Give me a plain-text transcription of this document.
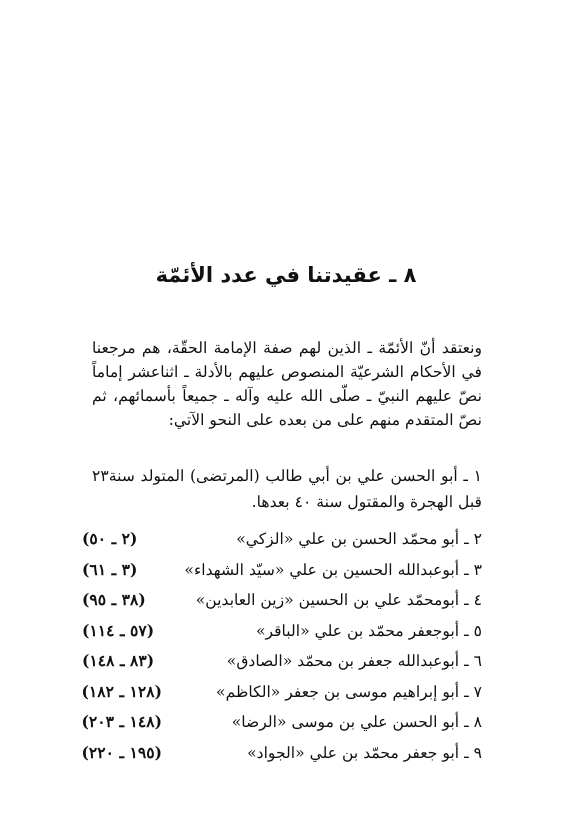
٨ ـ عقيدتنا في عدد الأئمّة

ونعتقد أنّ الأئمّة ـ الذين لهم صفة الإمامة الحقّة، هم مرجعنا في الأحكام الشرعيّة المنصوص عليهم بالأدلة ـ اثناعشر إماماً نصّ عليهم النبيّ ـ صلّى الله عليه وآله ـ جميعاً بأسمائهم، ثم نصّ المتقدم منهم على من بعده على النحو الآتي:

١ ـ أبو الحسن علي بن أبي طالب (المرتضى) المتولد سنة٢٣ قبل الهجرة والمقتول سنة ٤٠ بعدها.

٢ ـ أبو محمّد الحسن بن علي «الزكي»
(٢ ـ ٥٠)
٣ ـ أبوعبدالله الحسين بن علي «سيّد الشهداء»
(٣ ـ ٦١)
٤ ـ أبومحمّد علي بن الحسين «زين العابدين»
(٣٨ ـ ٩٥)
٥ ـ أبوجعفر محمّد بن علي «الباقر»
(٥٧ ـ ١١٤)
٦ ـ أبوعبدالله جعفر بن محمّد «الصادق»
(٨٣ ـ ١٤٨)
٧ ـ أبو إبراهيم موسى بن جعفر «الكاظم»
(١٢٨ ـ ١٨٢)
٨ ـ أبو الحسن علي بن موسى «الرضا»
(١٤٨ ـ ٢٠٣)
٩ ـ أبو جعفر محمّد بن علي «الجواد»
(١٩٥ ـ ٢٢٠)
